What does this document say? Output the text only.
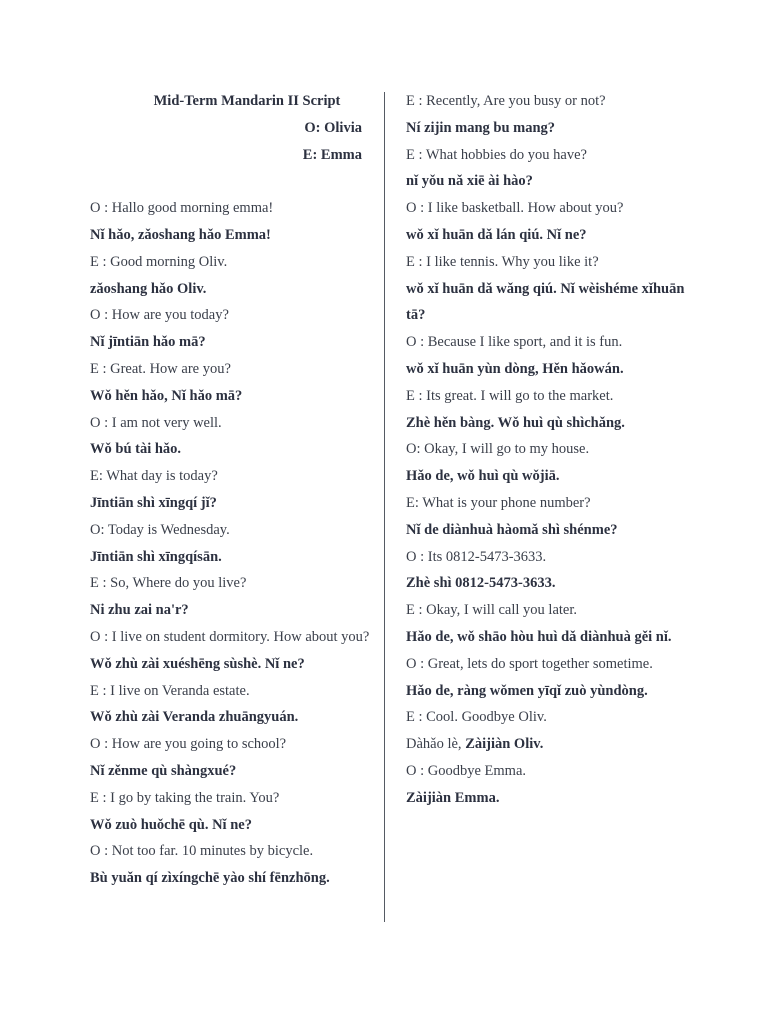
Mid-Term Mandarin II Script
O: Olivia
E: Emma
O : Hallo good morning emma!
Nǐ hǎo, zǎoshang hǎo Emma!
E : Good morning Oliv.
zǎoshang hǎo Oliv.
O : How are you today?
Nǐ jīntiān hǎo mā?
E : Great. How are you?
Wǒ hěn hǎo, Nǐ hǎo mā?
O : I am not very well.
Wǒ bú tài hǎo.
E: What day is today?
Jīntiān shì xīngqí jǐ?
O: Today is Wednesday.
Jīntiān shì xīngqísān.
E : So, Where do you live?
Ni zhu zai na'r?
O : I live on student dormitory. How about you?
Wǒ zhù zài xuéshēng sùshè. Nǐ ne?
E : I live on Veranda estate.
Wǒ zhù zài Veranda zhuāngyuán.
O : How are you going to school?
Nǐ zěnme qù shàngxué?
E : I go by taking the train. You?
Wǒ zuò huǒchē qù. Nǐ ne?
O : Not too far. 10 minutes by bicycle.
Bù yuǎn qí zìxíngchē yào shí fēnzhōng.
E : Recently, Are you busy or not?
Ní zijin mang bu mang?
E : What hobbies do you have?
nǐ yǒu nǎ xiē ài hào?
O : I like basketball. How about you?
wǒ xǐ huān dǎ lán qiú. Nǐ ne?
E : I like tennis. Why you like it?
wǒ xǐ huān dǎ wǎng qiú. Nǐ wèishéme xǐhuān tā?
O : Because I like sport, and it is fun.
wǒ xǐ huān yùn dòng, Hěn hǎowán.
E : Its great. I will go to the market.
Zhè hěn bàng. Wǒ huì qù shìchǎng.
O: Okay, I will go to my house.
Hǎo de, wǒ huì qù wǒjiā.
E: What is your phone number?
Nǐ de diànhuà hàomǎ shì shénme?
O : Its 0812-5473-3633.
Zhè shì 0812-5473-3633.
E : Okay, I will call you later.
Hǎo de, wǒ shāo hòu huì dǎ diànhuà gěi nǐ.
O : Great, lets do sport together sometime.
Hǎo de, ràng wǒmen yīqǐ zuò yùndòng.
E : Cool. Goodbye Oliv.
Dàhǎo lè, Zàijiàn Oliv.
O : Goodbye Emma.
Zàijiàn Emma.
